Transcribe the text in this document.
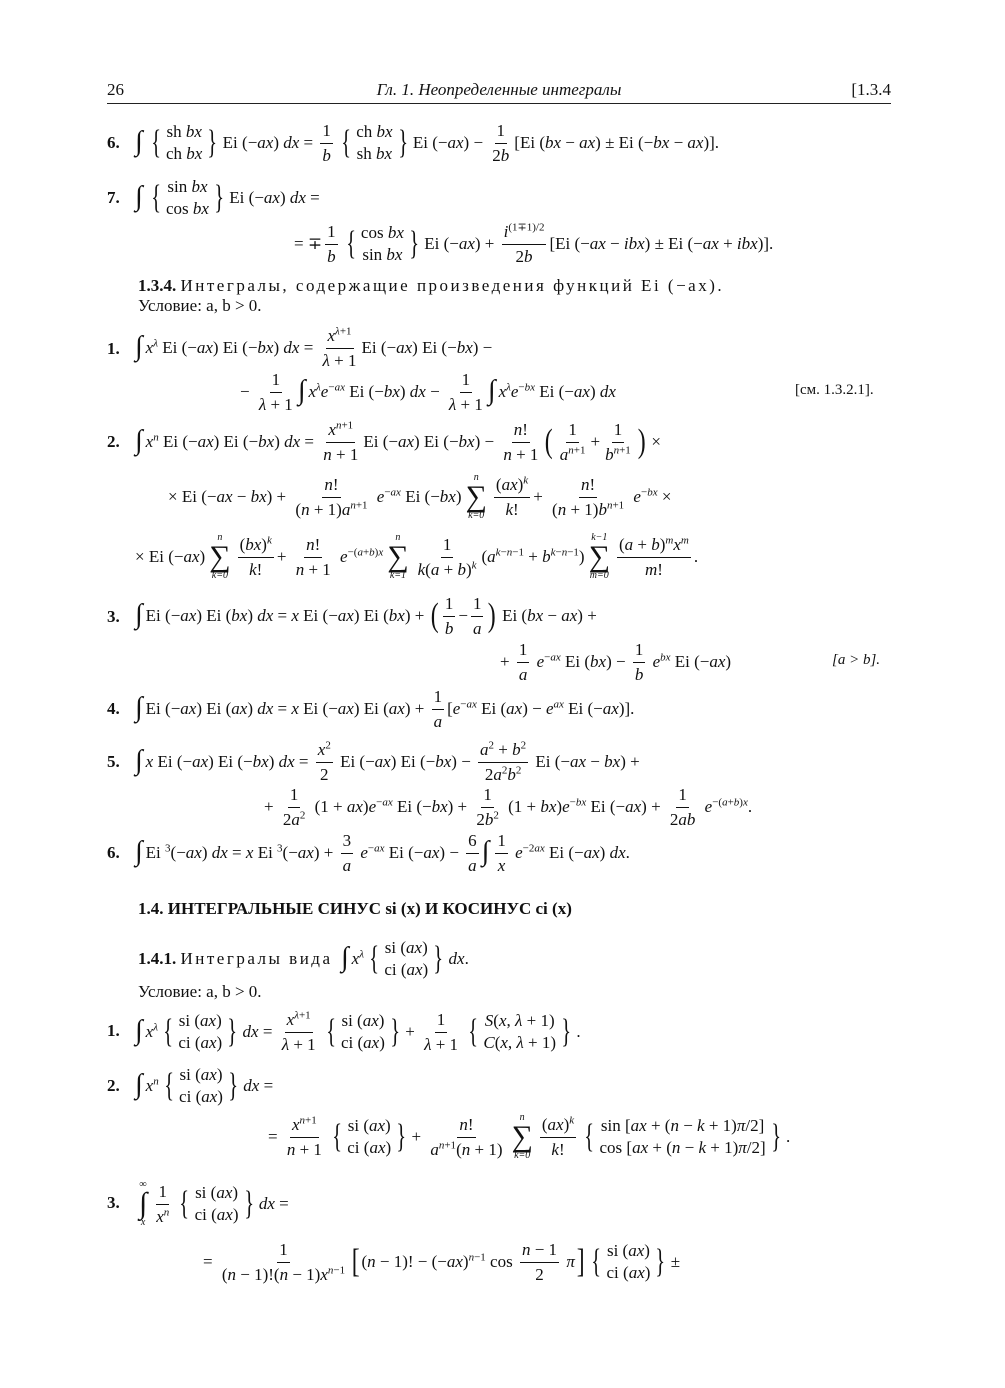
26	Гл. 1. Неопределенные интегралы	[1.3.4
6. ∫ { sh bx
ch bx } Ei (−ax) dx = $\frac{1}{b}$ { ch bx
sh bx } Ei $(-ax) - \frac{1}{2b} [Ei$ (bx − ax) ± Ei (−bx − ax)].
7. ∫ { sin bx
cos bx } Ei (−ax) dx =
= ∓
1
b { cos bx
sin bx } Ei $(-ax) + \frac{i^{(1\mp 1)/2}}{2b} [Ei$ (−ax − ibx) ± Ei (−ax + ibx)].
1.3.4. Интегралы, содержащие произведения функций Ei (−ax).
Условие: a, b > 0.
1. ∫ $x^\lambda$ Ei (−ax) Ei (−bx) dx = $\frac{x^{\lambda+1}}{\lambda + 1}$ Ei (−ax) Ei (−bx) −
− $\frac{1}{\lambda + 1}$ ∫ $x^\lambda e^{-ax}$ Ei (−bx) dx − $\frac{1}{\lambda + 1}$ ∫ $x^\lambda e^{-bx}$ Ei (−ax) dx	[см. 1.3.2.1].
2. ∫ $x^n$ Ei (−ax) Ei (−bx) dx = $\frac{x^{n+1}}{n + 1}$ Ei (−ax) Ei $(-bx) - \frac{n!}{n + 1}$ ( 1
$a^{n+1} + \frac{1}{b^{n+1}}$ ) ×
× Ei $(-ax - bx) + \frac{n!}{(n + 1)a^{n+1}} e^{-ax}$ Ei (−bx)
n
∑
k=0
(ax)$^k$
k!
+ $\frac{n!}{(n + 1)b^{n+1}} e^{-bx}$ ×
× Ei (−ax)
n
∑
k=0
(bx)$^k$
k!
+ $\frac{n!}{n + 1} e^{-(a+b)x}$
n
∑
k=1
1
$k(a + b)^k$ $(a^{k-n-1} + b^{k-n-1})$
k−1
∑
m=0
$(a + b)^mx^m$
m!
.
3. ∫ Ei (−ax) Ei (bx) dx = x Ei (−ax) Ei (bx) + ( 1
b
− $\frac{1}{a}$ ) Ei (bx − ax) +
+ $\frac{1}{a} e^{-ax}$ Ei $(bx) - \frac{1}{b} e^{bx}$ Ei (−ax)	[a > b].
4. ∫ Ei (−ax) Ei (ax) dx = x Ei (−ax) Ei $(ax) + \frac{1}{a} [e^{-ax}$ Ei $(ax) - e^{ax}$ Ei (−ax)].
5. ∫ x Ei (−ax) Ei (−bx) dx = $\frac{x^2}{2}$ Ei (−ax) Ei $(-bx) - \frac{a^2 + b^2}{2a^2b^2}$ Ei (−ax − bx) +
+ $\frac{1}{2a^2} (1 + ax)e^{-ax}$ Ei $(-bx) + \frac{1}{2b^2} (1 + bx)e^{-bx}$ Ei $(-ax) + \frac{1}{2ab} e^{-(a+b)x}$.
6. ∫ Ei $^3$(−ax) dx = x Ei $^3(-ax) + \frac{3}{a} e^{-ax}$ Ei $(-ax) - \frac{6}{a}$ ∫ 1
x
$e^{-2ax}$ Ei (−ax) dx.
1.4. ИНТЕГРАЛЬНЫЕ СИНУС si (x) И КОСИНУС ci (x)
1.4.1.
Интегралы вида
∫ $x^\lambda$ { si (ax)
ci (ax) } dx.
Условие: a, b > 0.
1. ∫ $x^\lambda$ { si (ax)
ci (ax) } dx = $\frac{x^{\lambda+1}}{\lambda + 1}$ { si (ax)
ci (ax) } + $\frac{1}{\lambda + 1}$ { S(x, λ + 1)
C(x, λ + 1) } .
2. ∫ $x^n$ { si (ax)
ci (ax) } dx =
= $\frac{x^{n+1}}{n + 1}$ { si (ax)
ci (ax) } + $\frac{n!}{a^{n+1}(n + 1)}$ n
∑
k=0
(ax)$^k$
k! { sin [ax + (n − k + 1)π/2]
cos [ax + (n − k + 1)π/2] } .
3.
∞
∫
x
1
$x^n$ { si (ax)
ci (ax) } dx =
= $\frac{1}{(n - 1)!(n - 1)x^{n-1}}$ [ (n − 1)! − $(-ax)^{n-1}$ cos
n − 1
2
π ] { si (ax)
ci (ax) } ±
